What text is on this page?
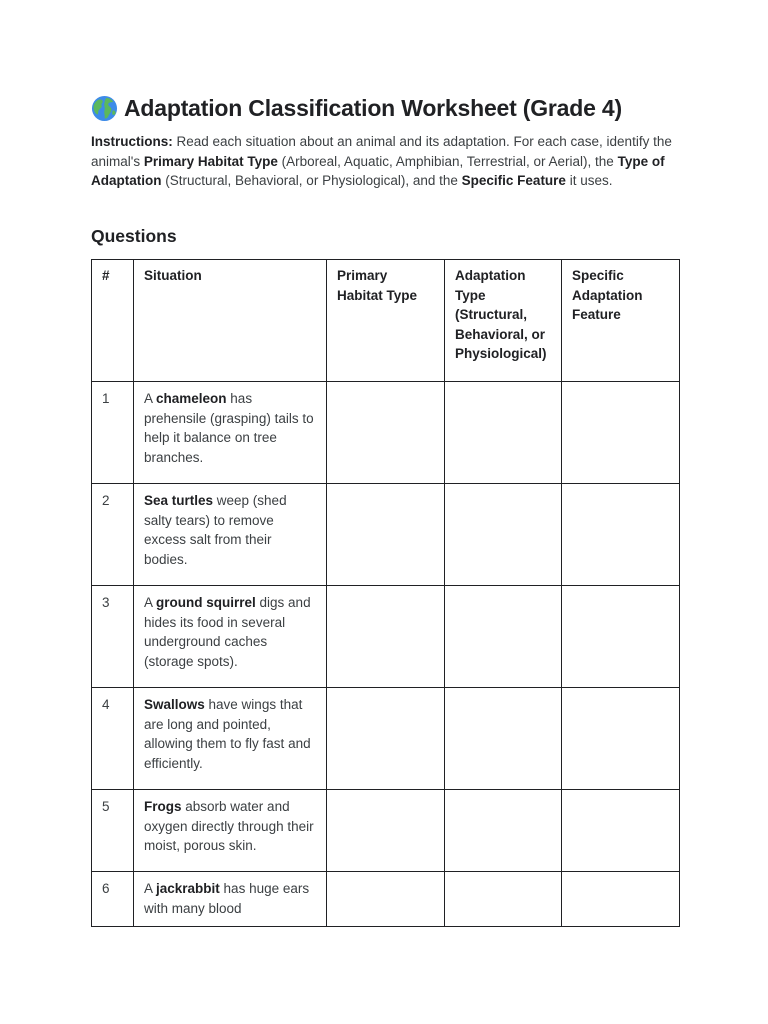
Adaptation Classification Worksheet (Grade 4)
Instructions: Read each situation about an animal and its adaptation. For each case, identify the animal's Primary Habitat Type (Arboreal, Aquatic, Amphibian, Terrestrial, or Aerial), the Type of Adaptation (Structural, Behavioral, or Physiological), and the Specific Feature it uses.
Questions
#	Situation	Primary Habitat Type	Adaptation Type (Structural, Behavioral, or Physiological)	Specific Adaptation Feature
1	A chameleon has prehensile (grasping) tails to help it balance on tree branches.			
2	Sea turtles weep (shed salty tears) to remove excess salt from their bodies.			
3	A ground squirrel digs and hides its food in several underground caches (storage spots).			
4	Swallows have wings that are long and pointed, allowing them to fly fast and efficiently.			
5	Frogs absorb water and oxygen directly through their moist, porous skin.			
6	A jackrabbit has huge ears with many blood			
